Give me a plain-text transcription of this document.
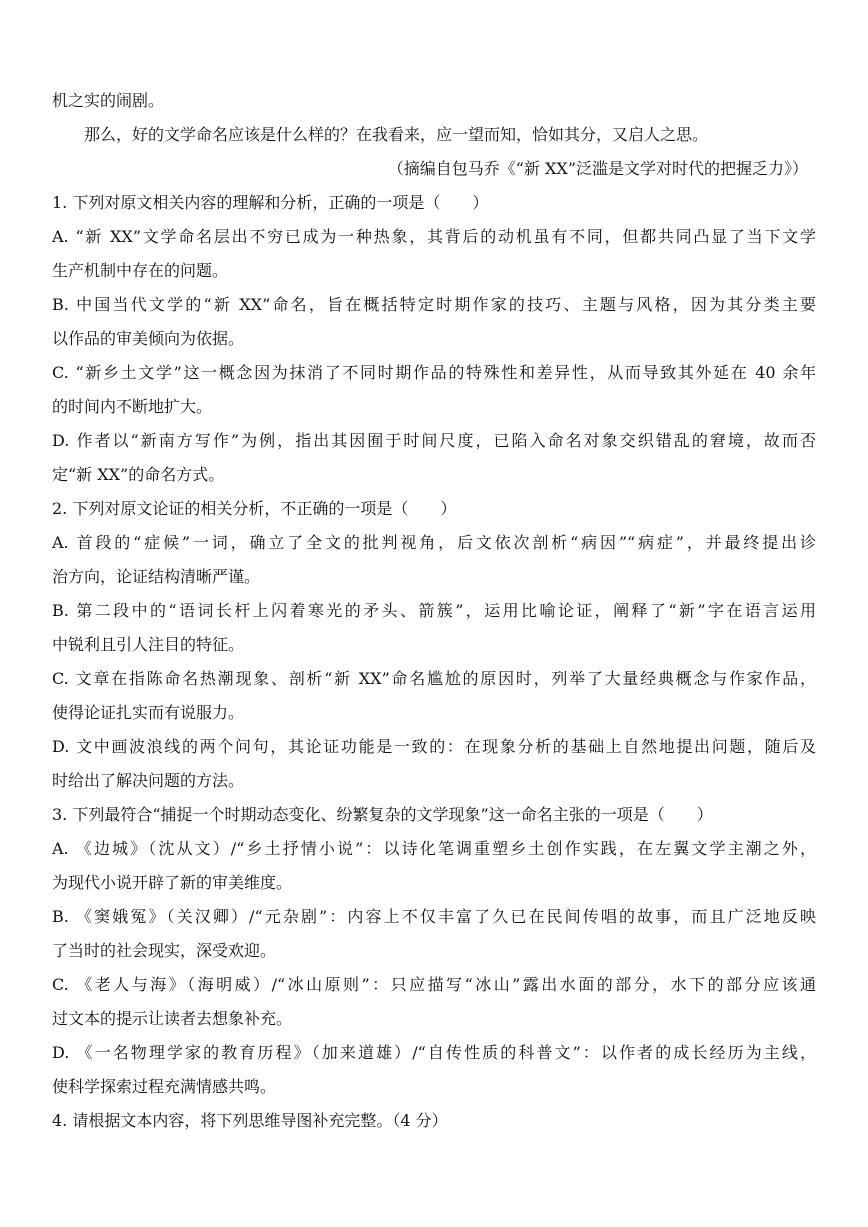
机之实的闹剧。
那么，好的文学命名应该是什么样的？在我看来，应一望而知，恰如其分，又启人之思。
（摘编自包马乔《“新 XX”泛滥是文学对时代的把握乏力》）
1. 下列对原文相关内容的理解和分析，正确的一项是（　　）
A. “新 XX”文学命名层出不穷已成为一种热象，其背后的动机虽有不同，但都共同凸显了当下文学
生产机制中存在的问题。
B. 中国当代文学的“新 XX”命名，旨在概括特定时期作家的技巧、主题与风格，因为其分类主要
以作品的审美倾向为依据。
C. “新乡土文学”这一概念因为抹消了不同时期作品的特殊性和差异性，从而导致其外延在 40 余年
的时间内不断地扩大。
D. 作者以“新南方写作”为例，指出其因囿于时间尺度，已陷入命名对象交织错乱的窘境，故而否
定“新 XX”的命名方式。
2. 下列对原文论证的相关分析，不正确的一项是（　　）
A. 首段的“症候”一词，确立了全文的批判视角，后文依次剖析“病因”“病症”，并最终提出诊
治方向，论证结构清晰严谨。
B. 第二段中的“语词长杆上闪着寒光的矛头、箭簇”，运用比喻论证，阐释了“新”字在语言运用
中锐利且引人注目的特征。
C. 文章在指陈命名热潮现象、剖析“新 XX”命名尴尬的原因时，列举了大量经典概念与作家作品，
使得论证扎实而有说服力。
D. 文中画波浪线的两个问句，其论证功能是一致的：在现象分析的基础上自然地提出问题，随后及
时给出了解决问题的方法。
3. 下列最符合“捕捉一个时期动态变化、纷繁复杂的文学现象”这一命名主张的一项是（　　）
A. 《边城》（沈从文）/“乡土抒情小说”：以诗化笔调重塑乡土创作实践，在左翼文学主潮之外，
为现代小说开辟了新的审美维度。
B. 《窦娥冤》（关汉卿）/“元杂剧”：内容上不仅丰富了久已在民间传唱的故事，而且广泛地反映
了当时的社会现实，深受欢迎。
C. 《老人与海》（海明威）/“冰山原则”：只应描写“冰山”露出水面的部分，水下的部分应该通
过文本的提示让读者去想象补充。
D. 《一名物理学家的教育历程》（加来道雄）/“自传性质的科普文”：以作者的成长经历为主线，
使科学探索过程充满情感共鸣。
4. 请根据文本内容，将下列思维导图补充完整。（4 分）
